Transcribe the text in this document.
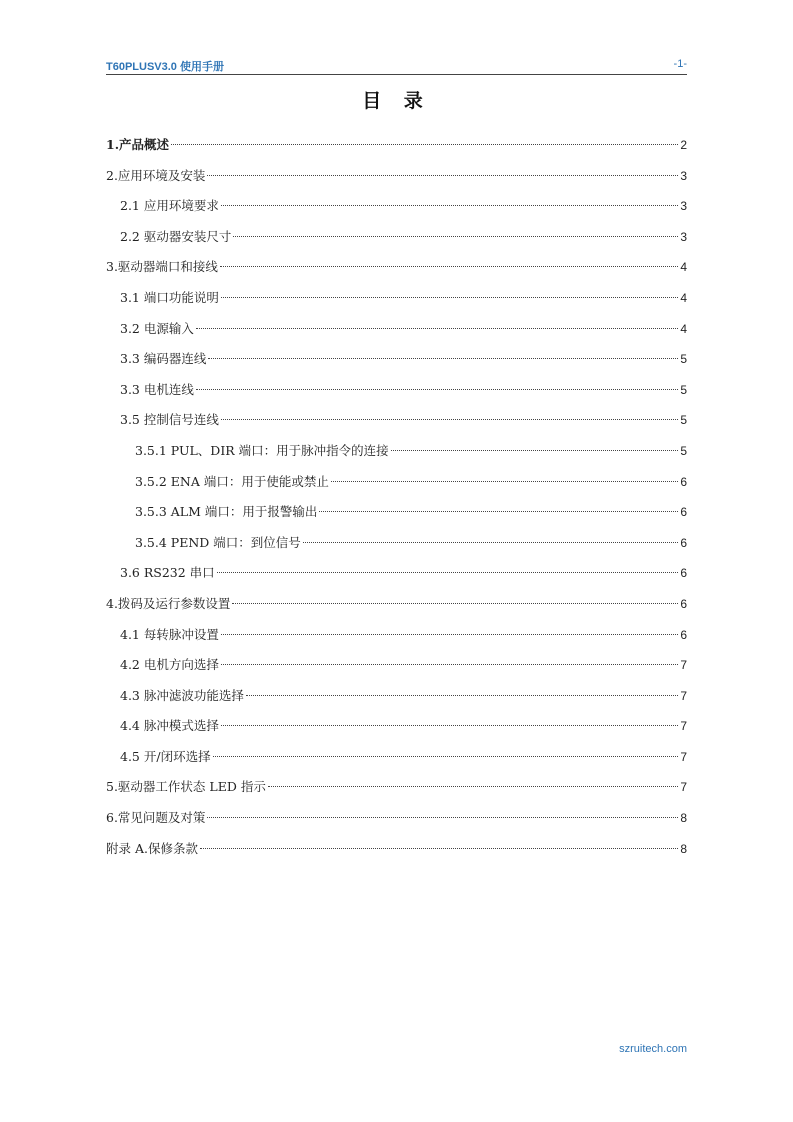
T60PLUSV3.0 使用手册	-1-
目 录
1.产品概述	2
2.应用环境及安装	3
2.1 应用环境要求	3
2.2 驱动器安装尺寸	3
3.驱动器端口和接线	4
3.1 端口功能说明	4
3.2 电源输入	4
3.3 编码器连线	5
3.3 电机连线	5
3.5 控制信号连线	5
3.5.1 PUL、DIR 端口：用于脉冲指令的连接	5
3.5.2 ENA 端口：用于使能或禁止	6
3.5.3 ALM 端口：用于报警输出	6
3.5.4 PEND 端口：到位信号	6
3.6 RS232 串口	6
4.拨码及运行参数设置	6
4.1 每转脉冲设置	6
4.2 电机方向选择	7
4.3 脉冲滤波功能选择	7
4.4 脉冲模式选择	7
4.5 开/闭环选择	7
5.驱动器工作状态 LED 指示	7
6.常见问题及对策	8
附录 A.保修条款	8
szruitech.com
